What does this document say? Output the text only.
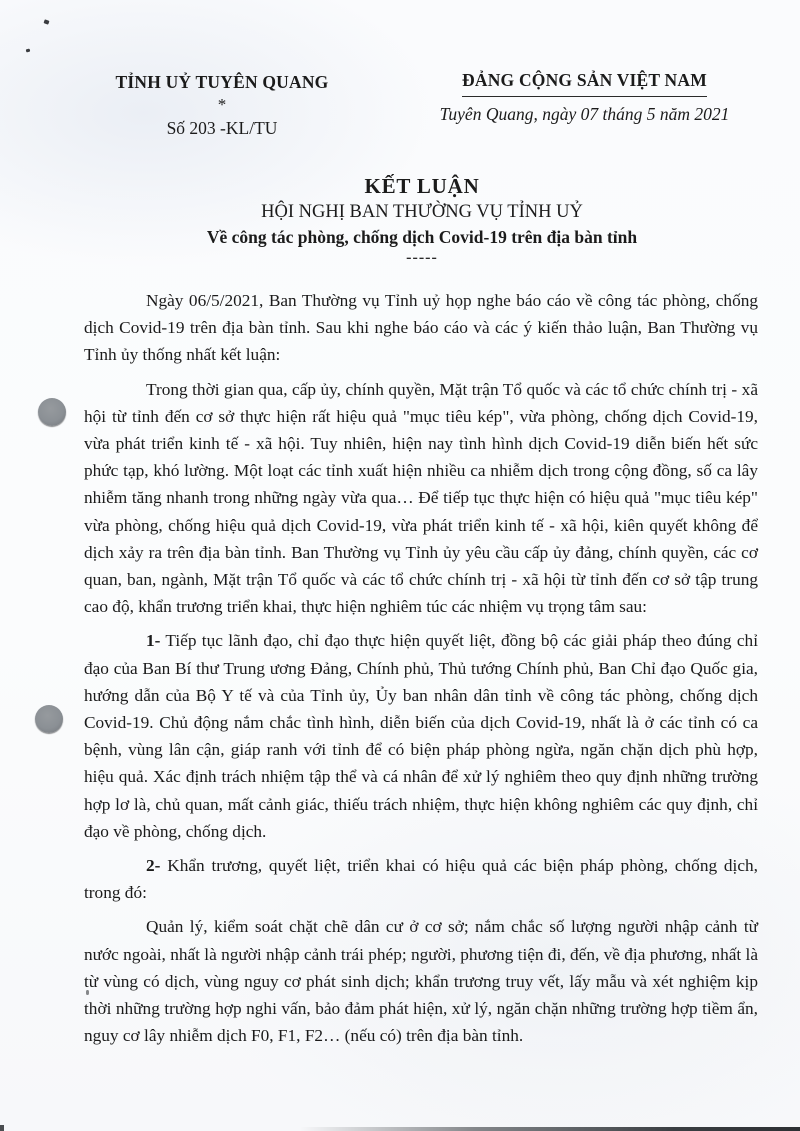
TỈNH UỶ TUYÊN QUANG
*
Số 203 -KL/TU
ĐẢNG CỘNG SẢN VIỆT NAM
Tuyên Quang, ngày 07 tháng 5 năm 2021
KẾT LUẬN
HỘI NGHỊ BAN THƯỜNG VỤ TỈNH UỶ
Về công tác phòng, chống dịch Covid-19 trên địa bàn tỉnh
-----

Ngày 06/5/2021, Ban Thường vụ Tỉnh uỷ họp nghe báo cáo về công tác phòng, chống dịch Covid-19 trên địa bàn tỉnh. Sau khi nghe báo cáo và các ý kiến thảo luận, Ban Thường vụ Tỉnh ủy thống nhất kết luận:

Trong thời gian qua, cấp ủy, chính quyền, Mặt trận Tổ quốc và các tổ chức chính trị - xã hội từ tỉnh đến cơ sở thực hiện rất hiệu quả "mục tiêu kép", vừa phòng, chống dịch Covid-19, vừa phát triển kinh tế - xã hội. Tuy nhiên, hiện nay tình hình dịch Covid-19 diễn biến hết sức phức tạp, khó lường. Một loạt các tỉnh xuất hiện nhiều ca nhiễm dịch trong cộng đồng, số ca lây nhiễm tăng nhanh trong những ngày vừa qua… Để tiếp tục thực hiện có hiệu quả "mục tiêu kép" vừa phòng, chống hiệu quả dịch Covid-19, vừa phát triển kinh tế - xã hội, kiên quyết không để dịch xảy ra trên địa bàn tỉnh. Ban Thường vụ Tỉnh ủy yêu cầu cấp ủy đảng, chính quyền, các cơ quan, ban, ngành, Mặt trận Tổ quốc và các tổ chức chính trị - xã hội từ tỉnh đến cơ sở tập trung cao độ, khẩn trương triển khai, thực hiện nghiêm túc các nhiệm vụ trọng tâm sau:

1- Tiếp tục lãnh đạo, chỉ đạo thực hiện quyết liệt, đồng bộ các giải pháp theo đúng chỉ đạo của Ban Bí thư Trung ương Đảng, Chính phủ, Thủ tướng Chính phủ, Ban Chỉ đạo Quốc gia, hướng dẫn của Bộ Y tế và của Tỉnh ủy, Ủy ban nhân dân tỉnh về công tác phòng, chống dịch Covid-19. Chủ động nắm chắc tình hình, diễn biến của dịch Covid-19, nhất là ở các tỉnh có ca bệnh, vùng lân cận, giáp ranh với tỉnh để có biện pháp phòng ngừa, ngăn chặn dịch phù hợp, hiệu quả. Xác định trách nhiệm tập thể và cá nhân để xử lý nghiêm theo quy định những trường hợp lơ là, chủ quan, mất cảnh giác, thiếu trách nhiệm, thực hiện không nghiêm các quy định, chỉ đạo về phòng, chống dịch.

2- Khẩn trương, quyết liệt, triển khai có hiệu quả các biện pháp phòng, chống dịch, trong đó:

Quản lý, kiểm soát chặt chẽ dân cư ở cơ sở; nắm chắc số lượng người nhập cảnh từ nước ngoài, nhất là người nhập cảnh trái phép; người, phương tiện đi, đến, về địa phương, nhất là từ vùng có dịch, vùng nguy cơ phát sinh dịch; khẩn trương truy vết, lấy mẫu và xét nghiệm kịp thời những trường hợp nghi vấn, bảo đảm phát hiện, xử lý, ngăn chặn những trường hợp tiềm ẩn, nguy cơ lây nhiễm dịch F0, F1, F2… (nếu có) trên địa bàn tỉnh.
